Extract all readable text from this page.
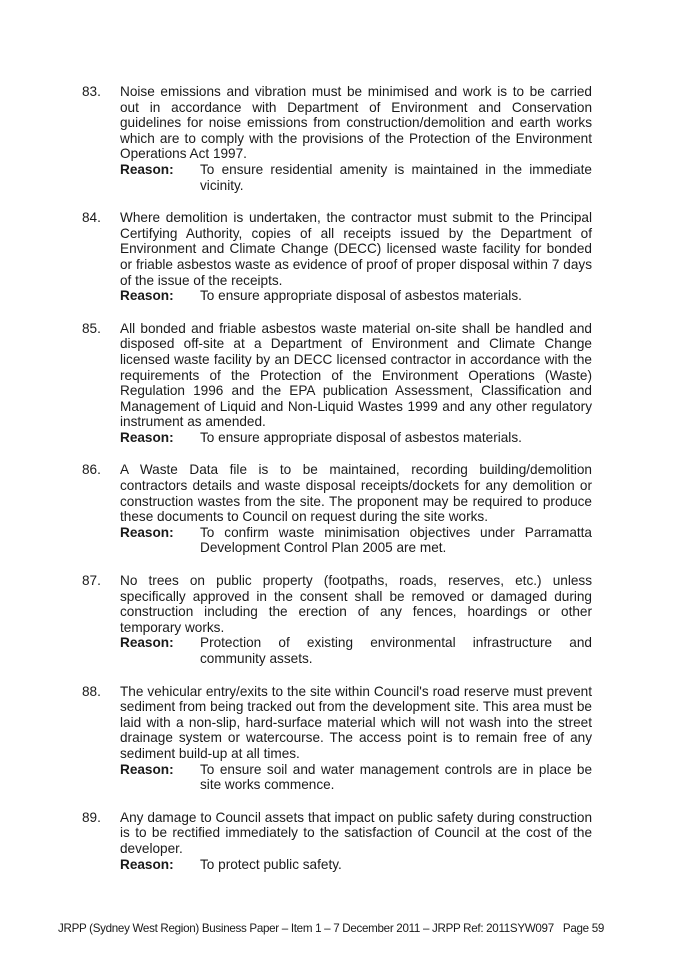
83. Noise emissions and vibration must be minimised and work is to be carried out in accordance with Department of Environment and Conservation guidelines for noise emissions from construction/demolition and earth works which are to comply with the provisions of the Protection of the Environment Operations Act 1997.
Reason:	To ensure residential amenity is maintained in the immediate vicinity.
84. Where demolition is undertaken, the contractor must submit to the Principal Certifying Authority, copies of all receipts issued by the Department of Environment and Climate Change (DECC) licensed waste facility for bonded or friable asbestos waste as evidence of proof of proper disposal within 7 days of the issue of the receipts.
Reason:	To ensure appropriate disposal of asbestos materials.
85. All bonded and friable asbestos waste material on-site shall be handled and disposed off-site at a Department of Environment and Climate Change licensed waste facility by an DECC licensed contractor in accordance with the requirements of the Protection of the Environment Operations (Waste) Regulation 1996 and the EPA publication Assessment, Classification and Management of Liquid and Non-Liquid Wastes 1999 and any other regulatory instrument as amended.
Reason:	To ensure appropriate disposal of asbestos materials.
86. A Waste Data file is to be maintained, recording building/demolition contractors details and waste disposal receipts/dockets for any demolition or construction wastes from the site. The proponent may be required to produce these documents to Council on request during the site works.
Reason:	To confirm waste minimisation objectives under Parramatta Development Control Plan 2005 are met.
87. No trees on public property (footpaths, roads, reserves, etc.) unless specifically approved in the consent shall be removed or damaged during construction including the erection of any fences, hoardings or other temporary works.
Reason:	Protection of existing environmental infrastructure and community assets.
88. The vehicular entry/exits to the site within Council's road reserve must prevent sediment from being tracked out from the development site. This area must be laid with a non-slip, hard-surface material which will not wash into the street drainage system or watercourse. The access point is to remain free of any sediment build-up at all times.
Reason:	To ensure soil and water management controls are in place be site works commence.
89. Any damage to Council assets that impact on public safety during construction is to be rectified immediately to the satisfaction of Council at the cost of the developer.
Reason:	To protect public safety.
JRPP (Sydney West Region) Business Paper – Item 1 – 7 December 2011 – JRPP Ref: 2011SYW097 Page 59
